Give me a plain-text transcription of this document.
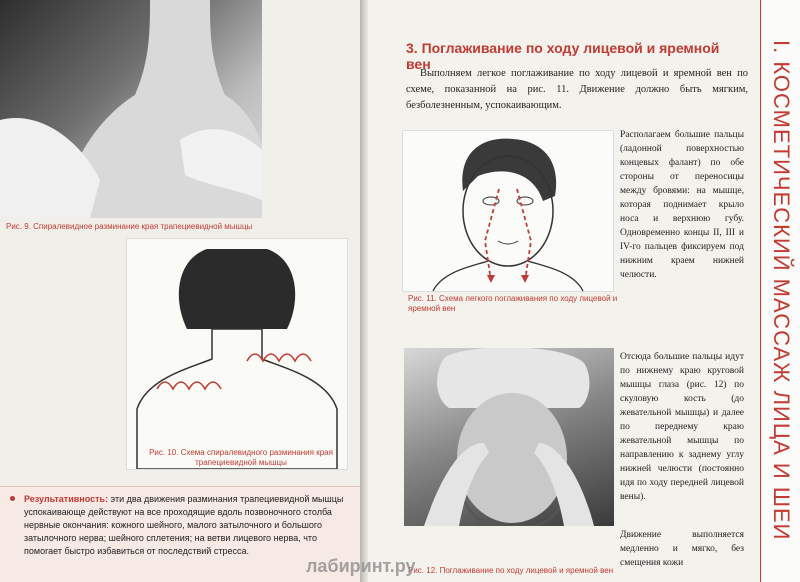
Рис. 9. Спиралевидное разминание края трапециевидной мышцы
Рис. 10. Схема спиралевидного разминания края трапециевидной мышцы
Результативность: эти два движения разминания трапециевидной мышцы успокаивающе действуют на все проходящие вдоль позвоночного столба нервные окончания: кожного шейного, малого затылочного и большого затылочного нерва; шейного сплетения; на ветви лицевого нерва, что помогает быстро избавиться от последствий стресса.
3. Поглаживание по ходу лицевой и яремной вен
Выполняем легкое поглаживание по ходу лицевой и яремной вен по схеме, показанной на рис. 11. Движение должно быть мягким, безболезненным, успокаивающим.
Рис. 11. Схема легкого поглаживания по ходу лицевой и яремной вен
Располагаем большие пальцы (ладонной поверхностью концевых фалант) по обе стороны от переносицы между бровями: на мышце, которая поднимает крыло носа и верхнюю губу. Одновременно концы II, III и IV-го пальцев фиксируем под нижним краем нижней челюсти.
Рис. 12. Поглаживание по ходу лицевой и яремной вен
Отсюда большие пальцы идут по нижнему краю круговой мышцы глаза (рис. 12) по скуловую кость (до жевательной мышцы) и далее по переднему краю жевательной мышцы по направлению к заднему углу нижней челюсти (постоянно идя по ходу передней лицевой вены).
Движение выполняется медленно и мягко, без смещения кожи
I. КОСМЕТИЧЕСКИЙ МАССАЖ ЛИЦА И ШЕИ
лабиринт.ру
